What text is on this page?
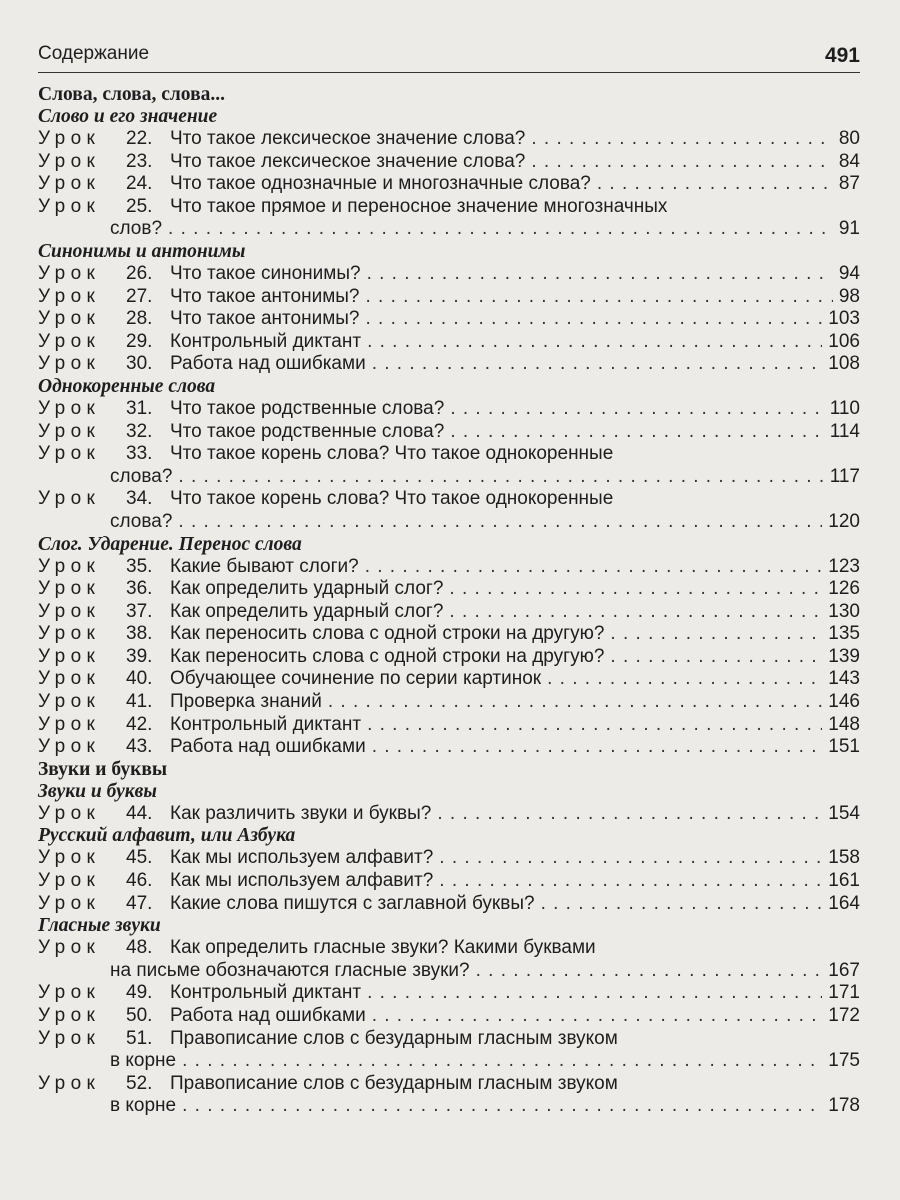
Содержание	491
Слова, слова, слова...
Слово и его значение
Урок	22. Что такое лексическое значение слова? . . .	80
Урок	23. Что такое лексическое значение слова? . . .	84
Урок	24. Что такое однозначные и многозначные слова? . . .	87
Урок	25. Что такое прямое и переносное значение многозначных
слов? . . .	91
Синонимы и антонимы
Урок	26. Что такое синонимы? . . .	94
Урок	27. Что такое антонимы? . . .	98
Урок	28. Что такое антонимы? . . .	103
Урок	29. Контрольный диктант . . .	106
Урок	30. Работа над ошибками . . .	108
Однокоренные слова
Урок	31. Что такое родственные слова? . . .	110
Урок	32. Что такое родственные слова? . . .	114
Урок	33. Что такое корень слова? Что такое однокоренные
слова? . . .	117
Урок	34. Что такое корень слова? Что такое однокоренные
слова? . . .	120
Слог. Ударение. Перенос слова
Урок	35. Какие бывают слоги? . . .	123
Урок	36. Как определить ударный слог? . . .	126
Урок	37. Как определить ударный слог? . . .	130
Урок	38. Как переносить слова с одной строки на другую? . . .	135
Урок	39. Как переносить слова с одной строки на другую? . . .	139
Урок	40. Обучающее сочинение по серии картинок . . .	143
Урок	41. Проверка знаний . . .	146
Урок	42. Контрольный диктант . . .	148
Урок	43. Работа над ошибками . . .	151
Звуки и буквы
Звуки и буквы
Урок	44. Как различить звуки и буквы? . . .	154
Русский алфавит, или Азбука
Урок	45. Как мы используем алфавит? . . .	158
Урок	46. Как мы используем алфавит? . . .	161
Урок	47. Какие слова пишутся с заглавной буквы? . . .	164
Гласные звуки
Урок	48. Как определить гласные звуки? Какими буквами
на письме обозначаются гласные звуки? . . .	167
Урок	49. Контрольный диктант . . .	171
Урок	50. Работа над ошибками . . .	172
Урок	51. Правописание слов с безударным гласным звуком
в корне . . .	175
Урок	52. Правописание слов с безударным гласным звуком
в корне . . .	178
